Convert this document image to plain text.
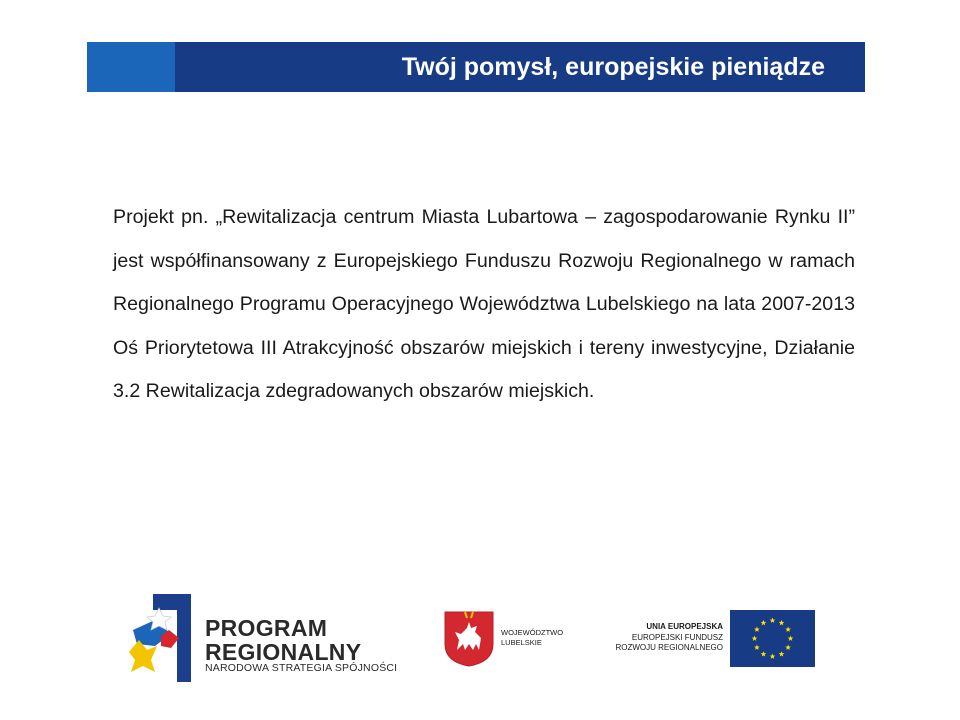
Twój pomysł, europejskie pieniądze

Projekt pn. „Rewitalizacja centrum Miasta Lubartowa – zagospodarowanie Rynku II” jest współfinansowany z Europejskiego Funduszu Rozwoju Regionalnego w ramach Regionalnego Programu Operacyjnego Województwa Lubelskiego na lata 2007-2013 Oś Priorytetowa III Atrakcyjność obszarów miejskich i tereny inwestycyjne, Działanie 3.2 Rewitalizacja zdegradowanych obszarów miejskich.

PROGRAM
REGIONALNY
NARODOWA STRATEGIA SPÓJNOŚCI
WOJEWÓDZTWO
LUBELSKIE
UNIA EUROPEJSKA
EUROPEJSKI FUNDUSZ
ROZWOJU REGIONALNEGO
